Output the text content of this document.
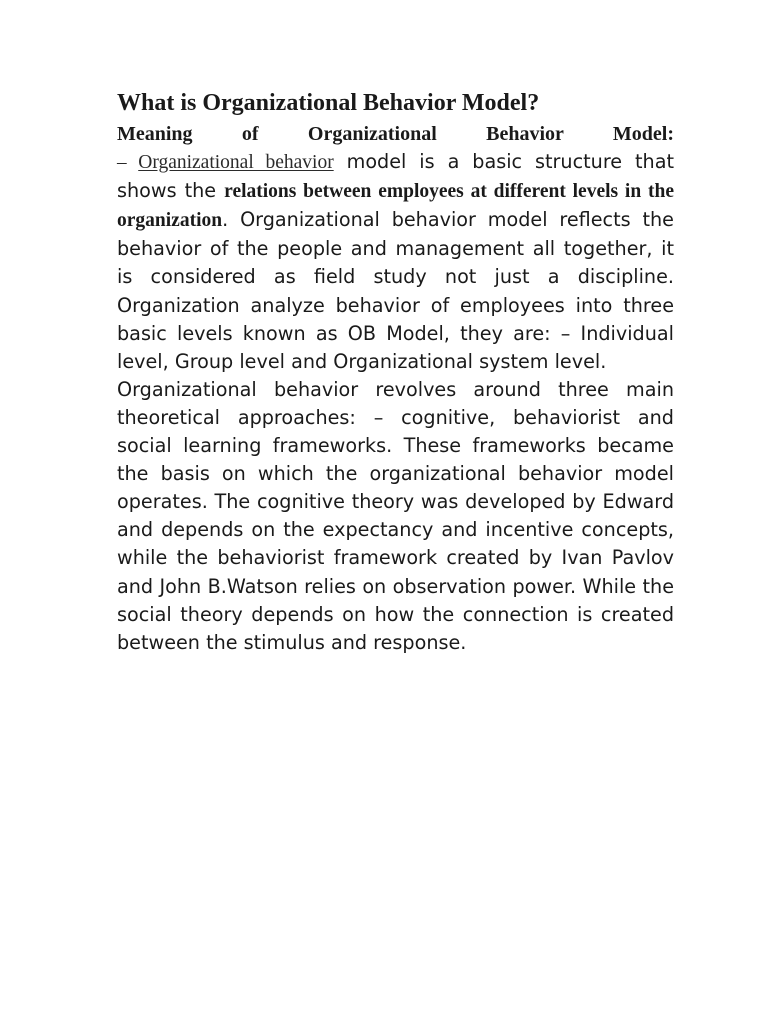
What is Organizational Behavior Model?

Meaning of Organizational Behavior Model:
– Organizational behavior model is a basic structure that shows the relations between employees at different levels in the organization. Organizational behavior model reflects the behavior of the people and management all together, it is considered as field study not just a discipline. Organization analyze behavior of employees into three basic levels known as OB Model, they are: – Individual level, Group level and Organizational system level.

Organizational behavior revolves around three main theoretical approaches: – cognitive, behaviorist and social learning frameworks. These frameworks became the basis on which the organizational behavior model operates. The cognitive theory was developed by Edward and depends on the expectancy and incentive concepts, while the behaviorist framework created by Ivan Pavlov and John B.Watson relies on observation power. While the social theory depends on how the connection is created between the stimulus and response.
